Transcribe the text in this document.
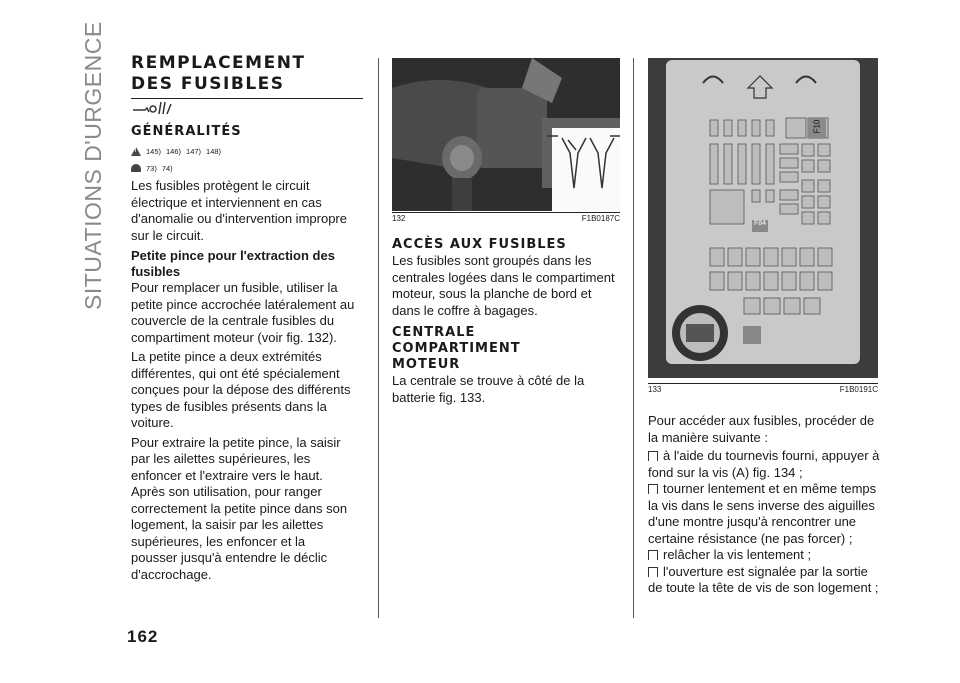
SITUATIONS D'URGENCE REMPLACEMENT
DES FUSIBLES
GÉNÉRALITÉS
!
145) 146) 147) 148)
73) 74)

Les fusibles protègent le circuit électrique et interviennent en cas d'anomalie ou d'intervention impropre sur le circuit.

Petite pince pour l'extraction des fusibles

Pour remplacer un fusible, utiliser la petite pince accrochée latéralement au couvercle de la centrale fusibles du compartiment moteur (voir fig. 132).

La petite pince a deux extrémités différentes, qui ont été spécialement conçues pour la dépose des différents types de fusibles présents dans la voiture.

Pour extraire la petite pince, la saisir par les ailettes supérieures, les enfoncer et l'extraire vers le haut. Après son utilisation, pour ranger correctement la petite pince dans son logement, la saisir par les ailettes supérieures, les enfoncer et la pousser jusqu'à entendre le déclic d'accrochage.

132	F1B0187C
ACCÈS AUX FUSIBLES

Les fusibles sont groupés dans les centrales logées dans le compartiment moteur, sous la planche de bord et dans le coffre à bagages.

CENTRALE
COMPARTIMENT
MOTEUR

La centrale se trouve à côté de la batterie fig. 133.

F10
F84
133	F1B0191C

Pour accéder aux fusibles, procéder de la manière suivante :

à l'aide du tournevis fourni, appuyer à fond sur la vis (A) fig. 134 ;

tourner lentement et en même temps la vis dans le sens inverse des aiguilles d'une montre jusqu'à rencontrer une certaine résistance (ne pas forcer) ;

relâcher la vis lentement ;

l'ouverture est signalée par la sortie de toute la tête de vis de son logement ;

162
